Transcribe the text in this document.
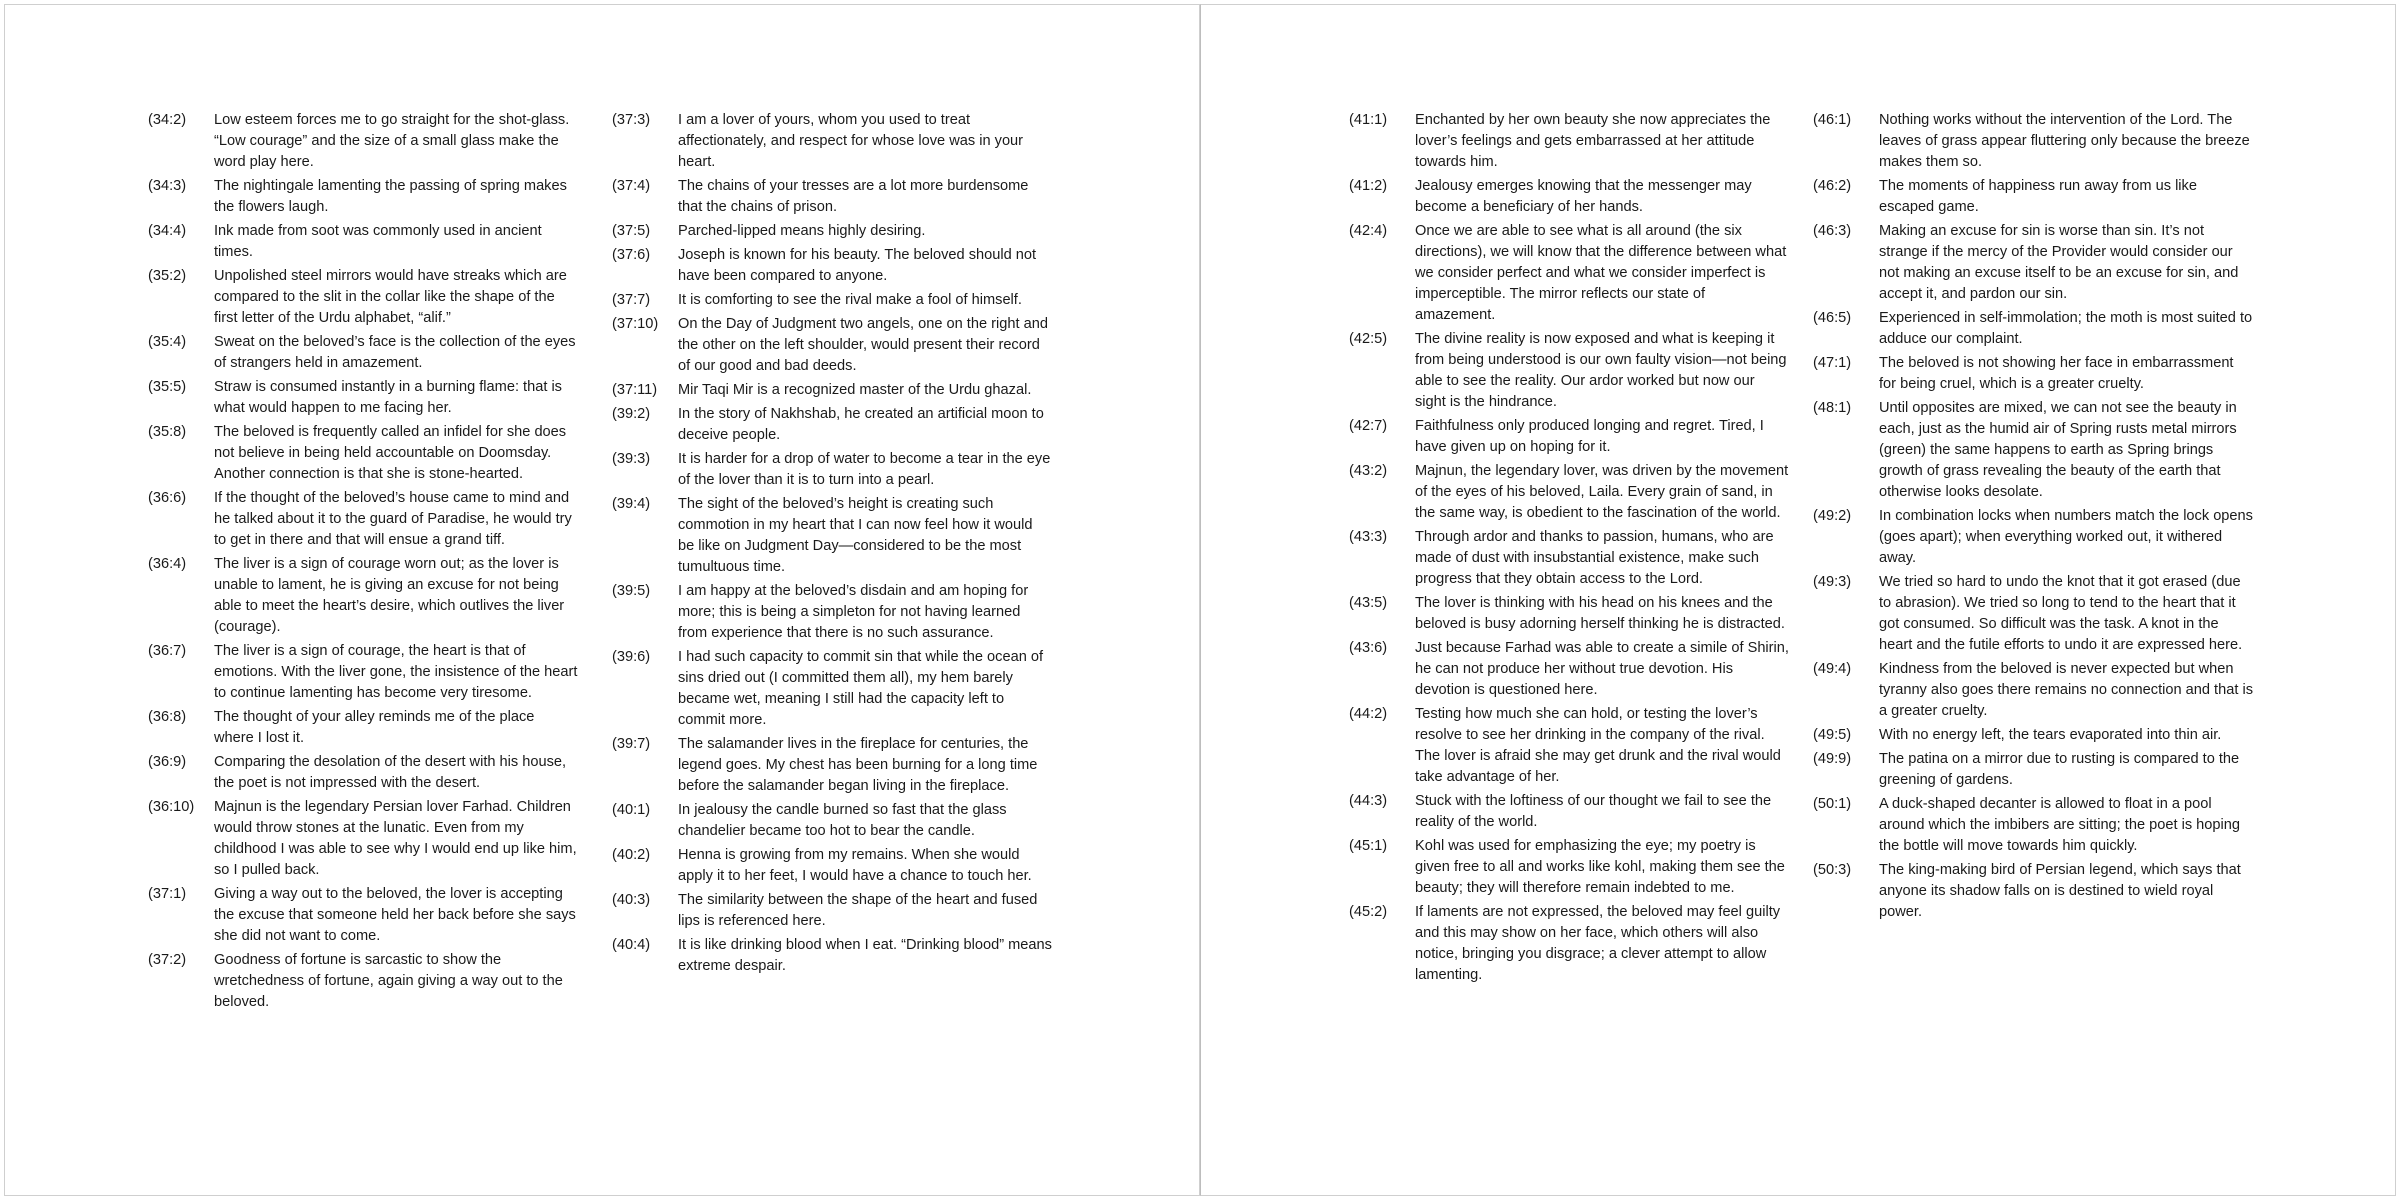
(34:2)	Low esteem forces me to go straight for the shot-glass. “Low courage” and the size of a small glass make the word play here.
(34:3)	The nightingale lamenting the passing of spring makes the flowers laugh.
(34:4)	Ink made from soot was commonly used in ancient times.
(35:2)	Unpolished steel mirrors would have streaks which are compared to the slit in the collar like the shape of the first letter of the Urdu alphabet, “alif.”
(35:4)	Sweat on the beloved’s face is the collection of the eyes of strangers held in amazement.
(35:5)	Straw is consumed instantly in a burning flame: that is what would happen to me facing her.
(35:8)	The beloved is frequently called an infidel for she does not believe in being held accountable on Doomsday. Another connection is that she is stone-hearted.
(36:6)	If the thought of the beloved’s house came to mind and he talked about it to the guard of Paradise, he would try to get in there and that will ensue a grand tiff.
(36:4)	The liver is a sign of courage worn out; as the lover is unable to lament, he is giving an excuse for not being able to meet the heart’s desire, which outlives the liver (courage).
(36:7)	The liver is a sign of courage, the heart is that of emotions. With the liver gone, the insistence of the heart to continue lamenting has become very tiresome.
(36:8)	The thought of your alley reminds me of the place where I lost it.
(36:9)	Comparing the desolation of the desert with his house, the poet is not impressed with the desert.
(36:10)	Majnun is the legendary Persian lover Farhad. Children would throw stones at the lunatic. Even from my childhood I was able to see why I would end up like him, so I pulled back.
(37:1)	Giving a way out to the beloved, the lover is accepting the excuse that someone held her back before she says she did not want to come.
(37:2)	Goodness of fortune is sarcastic to show the wretchedness of fortune, again giving a way out to the beloved.
(37:3)	I am a lover of yours, whom you used to treat affectionately, and respect for whose love was in your heart.
(37:4)	The chains of your tresses are a lot more burdensome that the chains of prison.
(37:5)	Parched-lipped means highly desiring.
(37:6)	Joseph is known for his beauty. The beloved should not have been compared to anyone.
(37:7)	It is comforting to see the rival make a fool of himself.
(37:10)	On the Day of Judgment two angels, one on the right and the other on the left shoulder, would present their record of our good and bad deeds.
(37:11)	Mir Taqi Mir is a recognized master of the Urdu ghazal.
(39:2)	In the story of Nakhshab, he created an artificial moon to deceive people.
(39:3)	It is harder for a drop of water to become a tear in the eye of the lover than it is to turn into a pearl.
(39:4)	The sight of the beloved’s height is creating such commotion in my heart that I can now feel how it would be like on Judgment Day—considered to be the most tumultuous time.
(39:5)	I am happy at the beloved’s disdain and am hoping for more; this is being a simpleton for not having learned from experience that there is no such assurance.
(39:6)	I had such capacity to commit sin that while the ocean of sins dried out (I committed them all), my hem barely became wet, meaning I still had the capacity left to commit more.
(39:7)	The salamander lives in the fireplace for centuries, the legend goes. My chest has been burning for a long time before the salamander began living in the fireplace.
(40:1)	In jealousy the candle burned so fast that the glass chandelier became too hot to bear the candle.
(40:2)	Henna is growing from my remains. When she would apply it to her feet, I would have a chance to touch her.
(40:3)	The similarity between the shape of the heart and fused lips is referenced here.
(40:4)	It is like drinking blood when I eat. “Drinking blood” means extreme despair.
(41:1)	Enchanted by her own beauty she now appreciates the lover’s feelings and gets embarrassed at her attitude towards him.
(41:2)	Jealousy emerges knowing that the messenger may become a beneficiary of her hands.
(42:4)	Once we are able to see what is all around (the six directions), we will know that the difference between what we consider perfect and what we consider imperfect is imperceptible. The mirror reflects our state of amazement.
(42:5)	The divine reality is now exposed and what is keeping it from being understood is our own faulty vision—not being able to see the reality. Our ardor worked but now our sight is the hindrance.
(42:7)	Faithfulness only produced longing and regret. Tired, I have given up on hoping for it.
(43:2)	Majnun, the legendary lover, was driven by the movement of the eyes of his beloved, Laila. Every grain of sand, in the same way, is obedient to the fascination of the world.
(43:3)	Through ardor and thanks to passion, humans, who are made of dust with insubstantial existence, make such progress that they obtain access to the Lord.
(43:5)	The lover is thinking with his head on his knees and the beloved is busy adorning herself thinking he is distracted.
(43:6)	Just because Farhad was able to create a simile of Shirin, he can not produce her without true devotion. His devotion is questioned here.
(44:2)	Testing how much she can hold, or testing the lover’s resolve to see her drinking in the company of the rival. The lover is afraid she may get drunk and the rival would take advantage of her.
(44:3)	Stuck with the loftiness of our thought we fail to see the reality of the world.
(45:1)	Kohl was used for emphasizing the eye; my poetry is given free to all and works like kohl, making them see the beauty; they will therefore remain indebted to me.
(45:2)	If laments are not expressed, the beloved may feel guilty and this may show on her face, which others will also notice, bringing you disgrace; a clever attempt to allow lamenting.
(46:1)	Nothing works without the intervention of the Lord. The leaves of grass appear fluttering only because the breeze makes them so.
(46:2)	The moments of happiness run away from us like escaped game.
(46:3)	Making an excuse for sin is worse than sin. It’s not strange if the mercy of the Provider would consider our not making an excuse itself to be an excuse for sin, and accept it, and pardon our sin.
(46:5)	Experienced in self-immolation; the moth is most suited to adduce our complaint.
(47:1)	The beloved is not showing her face in embarrassment for being cruel, which is a greater cruelty.
(48:1)	Until opposites are mixed, we can not see the beauty in each, just as the humid air of Spring rusts metal mirrors (green) the same happens to earth as Spring brings growth of grass revealing the beauty of the earth that otherwise looks desolate.
(49:2)	In combination locks when numbers match the lock opens (goes apart); when everything worked out, it withered away.
(49:3)	We tried so hard to undo the knot that it got erased (due to abrasion). We tried so long to tend to the heart that it got consumed. So difficult was the task. A knot in the heart and the futile efforts to undo it are expressed here.
(49:4)	Kindness from the beloved is never expected but when tyranny also goes there remains no connection and that is a greater cruelty.
(49:5)	With no energy left, the tears evaporated into thin air.
(49:9)	The patina on a mirror due to rusting is compared to the greening of gardens.
(50:1)	A duck-shaped decanter is allowed to float in a pool around which the imbibers are sitting; the poet is hoping the bottle will move towards him quickly.
(50:3)	The king-making bird of Persian legend, which says that anyone its shadow falls on is destined to wield royal power.
